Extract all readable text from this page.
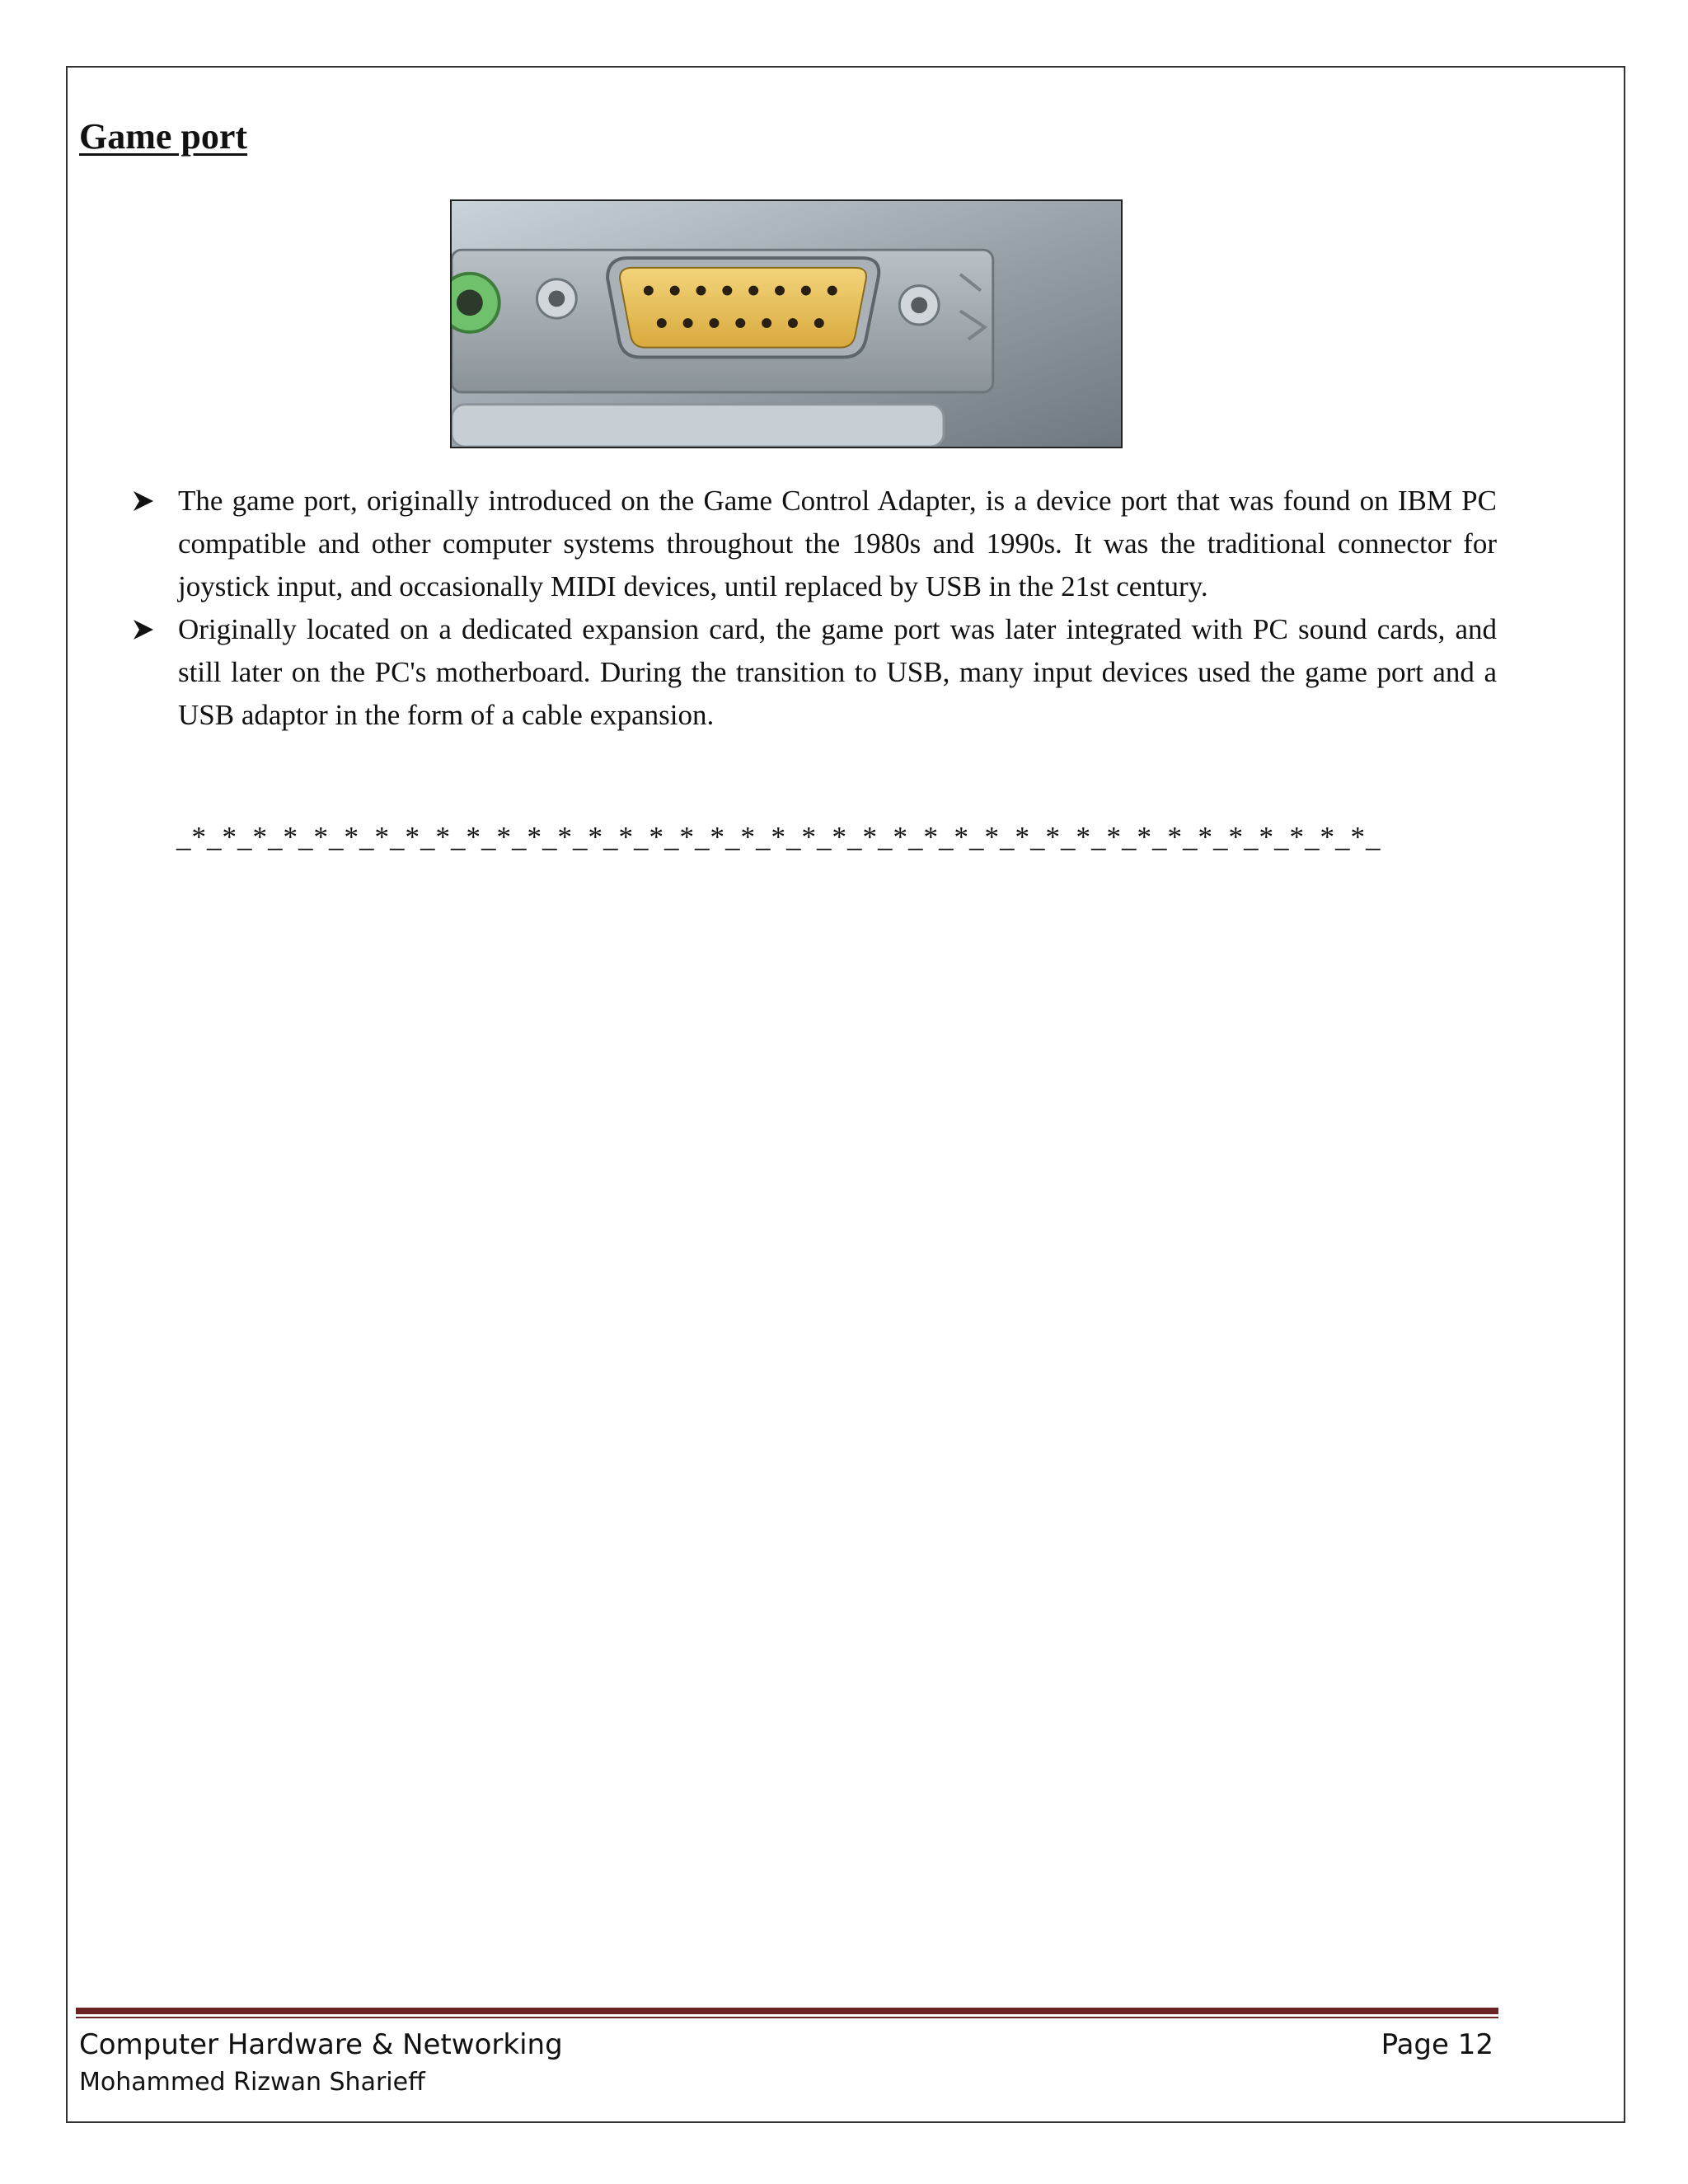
Game port
The game port, originally introduced on the Game Control Adapter, is a device port that was found on IBM PC compatible and other computer systems throughout the 1980s and 1990s. It was the traditional connector for joystick input, and occasionally MIDI devices, until replaced by USB in the 21st century.
Originally located on a dedicated expansion card, the game port was later integrated with PC sound cards, and still later on the PC's motherboard. During the transition to USB, many input devices used the game port and a USB adaptor in the form of a cable expansion.

_*_*_*_*_*_*_*_*_*_*_*_*_*_*_*_*_*_*_*_*_*_*_*_*_*_*_*_*_*_*_*_*_*_*_*_*_*_*_*_

Computer Hardware & Networking
Mohammed Rizwan Sharieff
Page 12
